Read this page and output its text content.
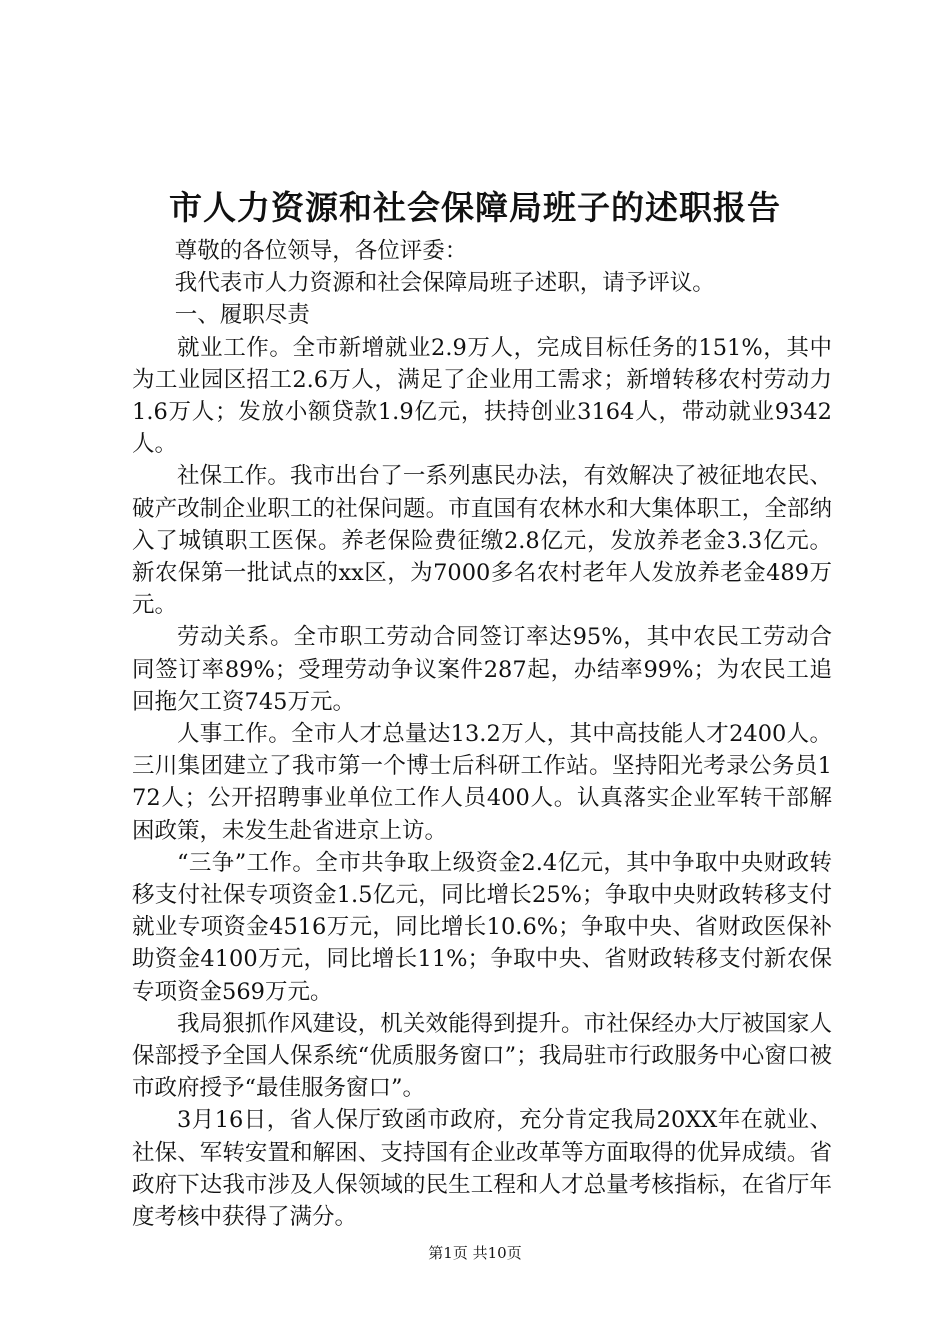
市人力资源和社会保障局班子的述职报告

尊敬的各位领导，各位评委：

我代表市人力资源和社会保障局班子述职，请予评议。

一、履职尽责

就业工作。全市新增就业2.9万人，完成目标任务的151%，其中为工业园区招工2.6万人，满足了企业用工需求；新增转移农村劳动力1.6万人；发放小额贷款1.9亿元，扶持创业3164人，带动就业9342人。

社保工作。我市出台了一系列惠民办法，有效解决了被征地农民、破产改制企业职工的社保问题。市直国有农林水和大集体职工，全部纳入了城镇职工医保。养老保险费征缴2.8亿元，发放养老金3.3亿元。新农保第一批试点的xx区，为7000多名农村老年人发放养老金489万元。

劳动关系。全市职工劳动合同签订率达95%，其中农民工劳动合同签订率89%；受理劳动争议案件287起，办结率99%；为农民工追回拖欠工资745万元。

人事工作。全市人才总量达13.2万人，其中高技能人才2400人。三川集团建立了我市第一个博士后科研工作站。坚持阳光考录公务员172人；公开招聘事业单位工作人员400人。认真落实企业军转干部解困政策，未发生赴省进京上访。

“三争”工作。全市共争取上级资金2.4亿元，其中争取中央财政转移支付社保专项资金1.5亿元，同比增长25%；争取中央财政转移支付就业专项资金4516万元，同比增长10.6%；争取中央、省财政医保补助资金4100万元，同比增长11%；争取中央、省财政转移支付新农保专项资金569万元。

我局狠抓作风建设，机关效能得到提升。市社保经办大厅被国家人保部授予全国人保系统“优质服务窗口”；我局驻市行政服务中心窗口被市政府授予“最佳服务窗口”。

3月16日，省人保厅致函市政府，充分肯定我局20XX年在就业、社保、军转安置和解困、支持国有企业改革等方面取得的优异成绩。省政府下达我市涉及人保领域的民生工程和人才总量考核指标，在省厅年度考核中获得了满分。

第1页 共10页
